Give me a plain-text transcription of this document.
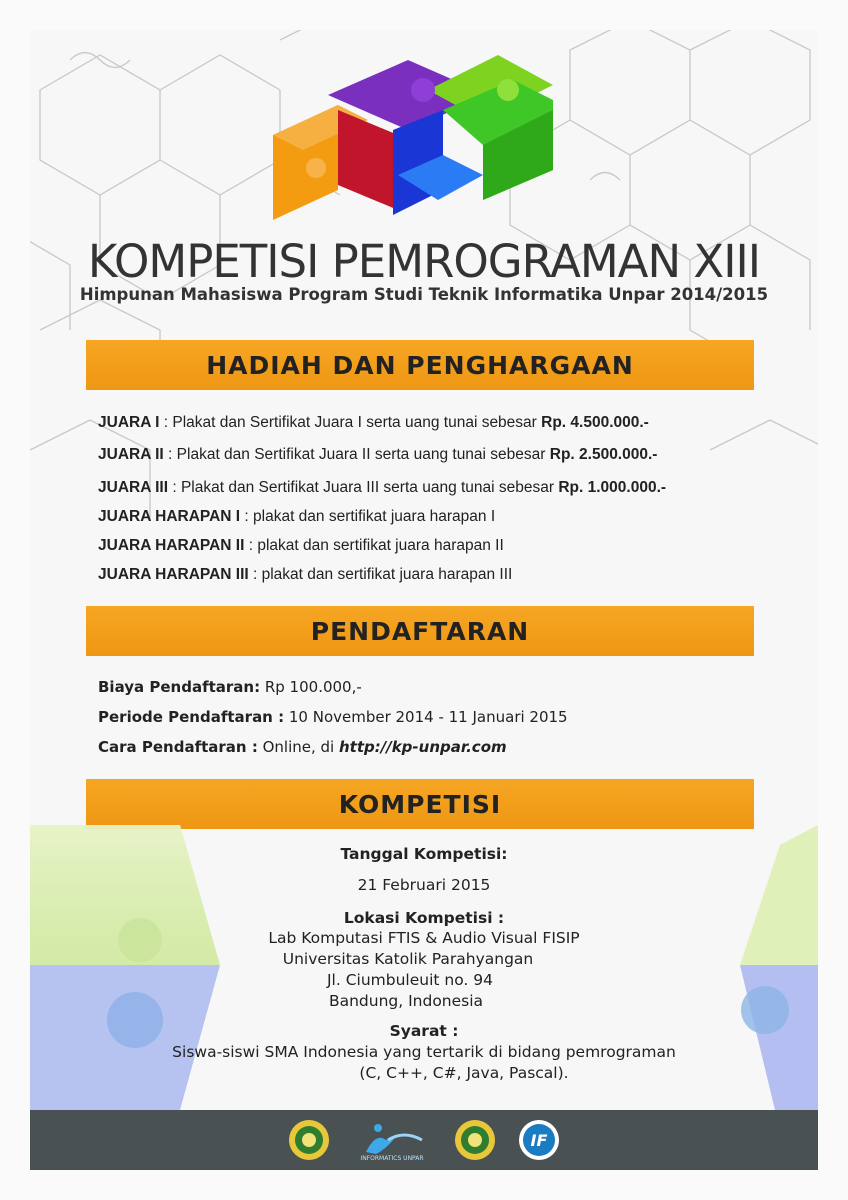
KOMPETISI PEMROGRAMAN XIII
Himpunan Mahasiswa Program Studi Teknik Informatika Unpar 2014/2015
HADIAH DAN PENGHARGAAN
JUARA I : Plakat dan Sertifikat Juara I serta uang tunai sebesar Rp. 4.500.000.-
JUARA II : Plakat dan Sertifikat Juara II serta uang tunai sebesar Rp. 2.500.000.-
JUARA III : Plakat dan Sertifikat Juara III serta uang tunai sebesar Rp. 1.000.000.-
JUARA HARAPAN I : plakat dan sertifikat juara harapan I
JUARA HARAPAN II : plakat dan sertifikat juara harapan II
JUARA HARAPAN III : plakat dan sertifikat juara harapan III
PENDAFTARAN
Biaya Pendaftaran: Rp 100.000,-
Periode Pendaftaran : 10 November 2014 - 11 Januari 2015
Cara Pendaftaran : Online, di http://kp-unpar.com
KOMPETISI
Tanggal Kompetisi:
21 Februari 2015
Lokasi Kompetisi :
Lab Komputasi FTIS & Audio Visual FISIP
Universitas Katolik Parahyangan
Jl. Ciumbuleuit no. 94
Bandung, Indonesia
Syarat :
Siswa-siswi SMA Indonesia yang tertarik di bidang pemrograman
(C, C++, C#, Java, Pascal).
INFORMATICS UNPAR
IF
